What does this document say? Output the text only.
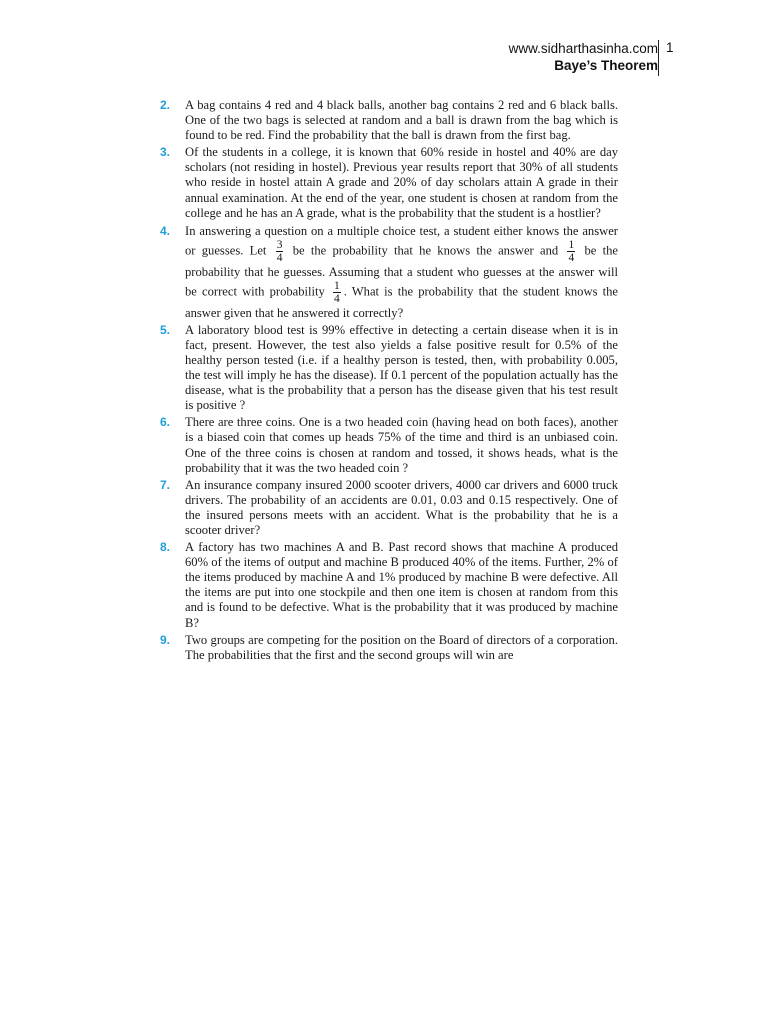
www.sidharthasinha.com
Baye’s Theorem
1
2. A bag contains 4 red and 4 black balls, another bag contains 2 red and 6 black balls. One of the two bags is selected at random and a ball is drawn from the bag which is found to be red. Find the probability that the ball is drawn from the first bag.
3. Of the students in a college, it is known that 60% reside in hostel and 40% are day scholars (not residing in hostel). Previous year results report that 30% of all students who reside in hostel attain A grade and 20% of day scholars attain A grade in their annual examination. At the end of the year, one student is chosen at random from the college and he has an A grade, what is the probability that the student is a hostlier?
4. In answering a question on a multiple choice test, a student either knows the answer or guesses. Let $\frac{3}{4}$ be the probability that he knows the answer and $\frac{1}{4}$ be the probability that he guesses. Assuming that a student who guesses at the answer will be correct with probability $\frac{1}{4}$ . What is the probability that the student knows the answer given that he answered it correctly?
5. A laboratory blood test is 99% effective in detecting a certain disease when it is in fact, present. However, the test also yields a false positive result for 0.5% of the healthy person tested (i.e. if a healthy person is tested, then, with probability 0.005, the test will imply he has the disease). If 0.1 percent of the population actually has the disease, what is the probability that a person has the disease given that his test result is positive ?
6. There are three coins. One is a two headed coin (having head on both faces), another is a biased coin that comes up heads 75% of the time and third is an unbiased coin. One of the three coins is chosen at random and tossed, it shows heads, what is the probability that it was the two headed coin ?
7. An insurance company insured 2000 scooter drivers, 4000 car drivers and 6000 truck drivers. The probability of an accidents are 0.01, 0.03 and 0.15 respectively. One of the insured persons meets with an accident. What is the probability that he is a scooter driver?
8. A factory has two machines A and B. Past record shows that machine A produced 60% of the items of output and machine B produced 40% of the items. Further, 2% of the items produced by machine A and 1% produced by machine B were defective. All the items are put into one stockpile and then one item is chosen at random from this and is found to be defective. What is the probability that it was produced by machine B?
9. Two groups are competing for the position on the Board of directors of a corporation. The probabilities that the first and the second groups will win are
